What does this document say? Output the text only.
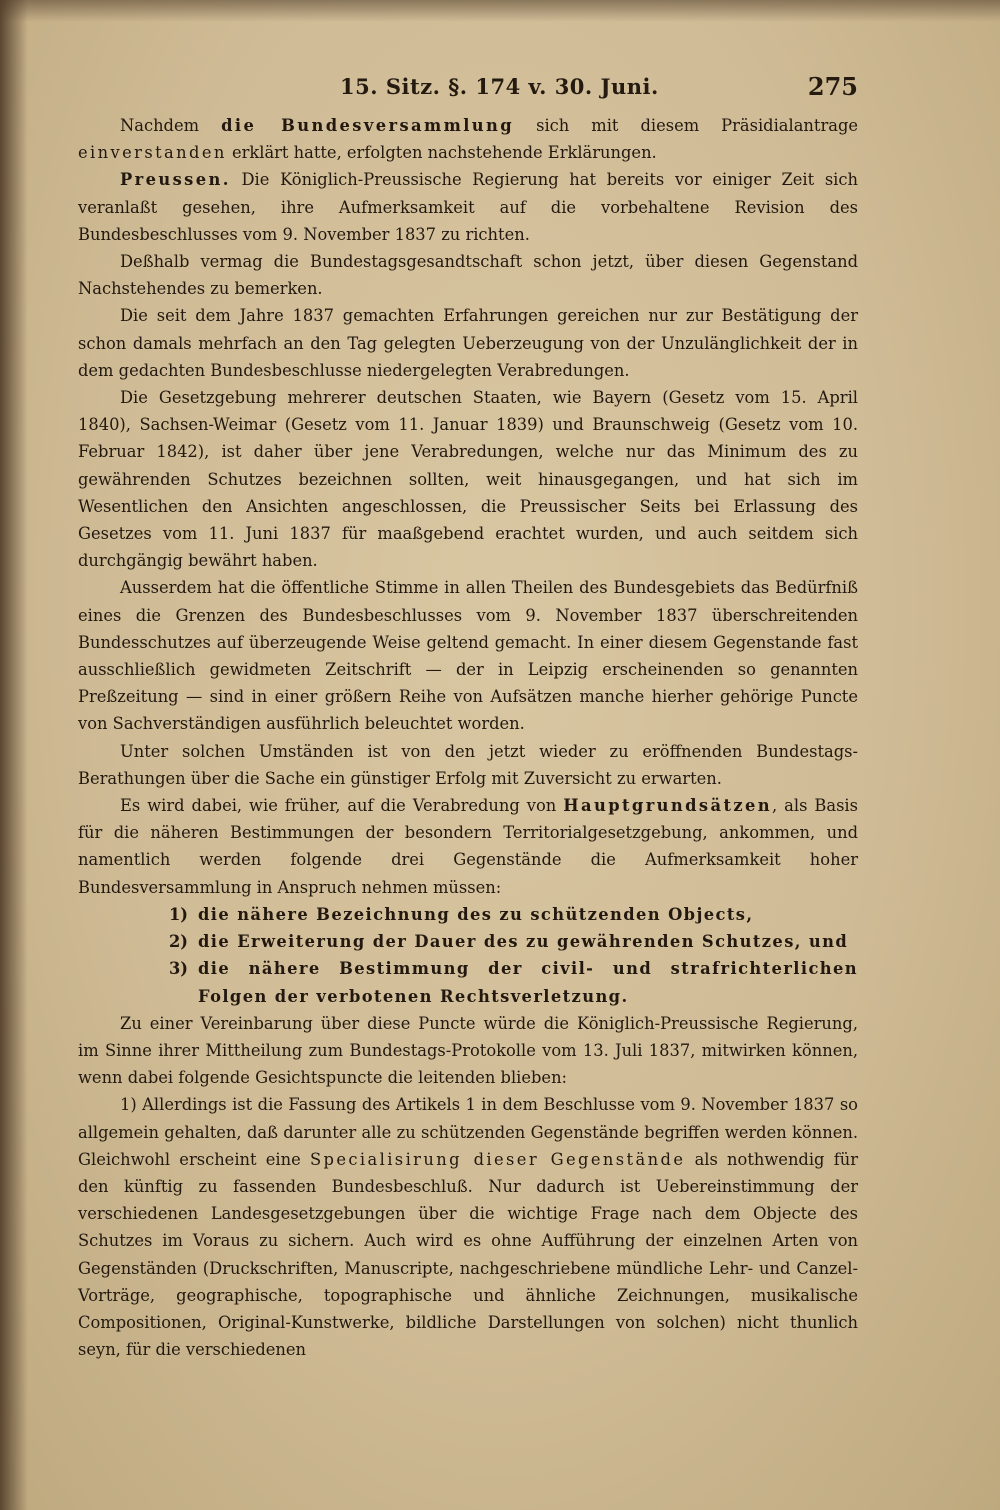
15. Sitz. §. 174 v. 30. Juni.	275

Nachdem die Bundesversammlung sich mit diesem Präsidialantrage einverstanden erklärt hatte, erfolgten nachstehende Erklärungen.

Preussen. Die Königlich-Preussische Regierung hat bereits vor einiger Zeit sich veranlaßt gesehen, ihre Aufmerksamkeit auf die vorbehaltene Revision des Bundesbeschlusses vom 9. November 1837 zu richten.

Deßhalb vermag die Bundestagsgesandtschaft schon jetzt, über diesen Gegenstand Nachstehendes zu bemerken.

Die seit dem Jahre 1837 gemachten Erfahrungen gereichen nur zur Bestätigung der schon damals mehrfach an den Tag gelegten Ueberzeugung von der Unzulänglichkeit der in dem gedachten Bundesbeschlusse niedergelegten Verabredungen.

Die Gesetzgebung mehrerer deutschen Staaten, wie Bayern (Gesetz vom 15. April 1840), Sachsen-Weimar (Gesetz vom 11. Januar 1839) und Braunschweig (Gesetz vom 10. Februar 1842), ist daher über jene Verabredungen, welche nur das Minimum des zu gewährenden Schutzes bezeichnen sollten, weit hinausgegangen, und hat sich im Wesentlichen den Ansichten angeschlossen, die Preussischer Seits bei Erlassung des Gesetzes vom 11. Juni 1837 für maaßgebend erachtet wurden, und auch seitdem sich durchgängig bewährt haben.

Ausserdem hat die öffentliche Stimme in allen Theilen des Bundesgebiets das Bedürfniß eines die Grenzen des Bundesbeschlusses vom 9. November 1837 überschreitenden Bundesschutzes auf überzeugende Weise geltend gemacht. In einer diesem Gegenstande fast ausschließlich gewidmeten Zeitschrift — der in Leipzig erscheinenden so genannten Preßzeitung — sind in einer größern Reihe von Aufsätzen manche hierher gehörige Puncte von Sachverständigen ausführlich beleuchtet worden.

Unter solchen Umständen ist von den jetzt wieder zu eröffnenden Bundestags-Berathungen über die Sache ein günstiger Erfolg mit Zuversicht zu erwarten.

Es wird dabei, wie früher, auf die Verabredung von Hauptgrundsätzen, als Basis für die näheren Bestimmungen der besondern Territorialgesetzgebung, ankommen, und namentlich werden folgende drei Gegenstände die Aufmerksamkeit hoher Bundesversammlung in Anspruch nehmen müssen:

1) die nähere Bezeichnung des zu schützenden Objects,
2) die Erweiterung der Dauer des zu gewährenden Schutzes, und
3) die nähere Bestimmung der civil- und strafrichterlichen Folgen der verbotenen Rechtsverletzung.

Zu einer Vereinbarung über diese Puncte würde die Königlich-Preussische Regierung, im Sinne ihrer Mittheilung zum Bundestags-Protokolle vom 13. Juli 1837, mitwirken können, wenn dabei folgende Gesichtspuncte die leitenden blieben:

1) Allerdings ist die Fassung des Artikels 1 in dem Beschlusse vom 9. November 1837 so allgemein gehalten, daß darunter alle zu schützenden Gegenstände begriffen werden können. Gleichwohl erscheint eine Specialisirung dieser Gegenstände als nothwendig für den künftig zu fassenden Bundesbeschluß. Nur dadurch ist Uebereinstimmung der verschiedenen Landesgesetzgebungen über die wichtige Frage nach dem Objecte des Schutzes im Voraus zu sichern. Auch wird es ohne Aufführung der einzelnen Arten von Gegenständen (Druckschriften, Manuscripte, nachgeschriebene mündliche Lehr- und Canzel-Vorträge, geographische, topographische und ähnliche Zeichnungen, musikalische Compositionen, Original-Kunstwerke, bildliche Darstellungen von solchen) nicht thunlich seyn, für die verschiedenen
